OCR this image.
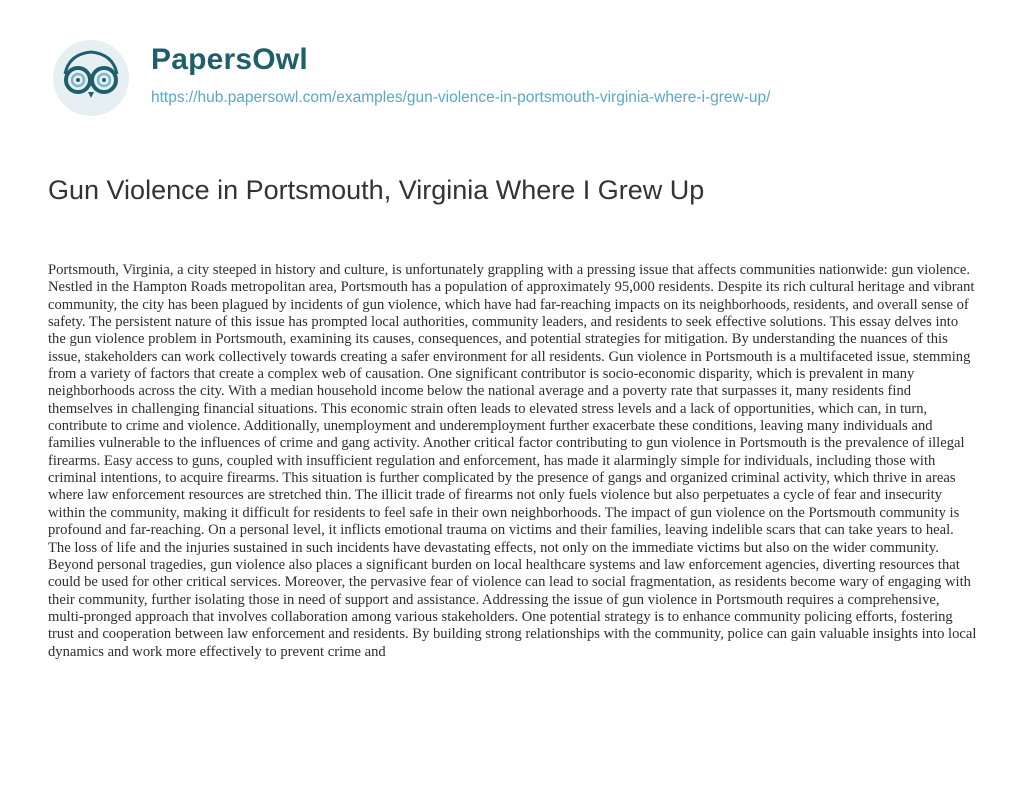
PapersOwl
https://hub.papersowl.com/examples/gun-violence-in-portsmouth-virginia-where-i-grew-up/
Gun Violence in Portsmouth, Virginia Where I Grew Up

Portsmouth, Virginia, a city steeped in history and culture, is unfortunately grappling with a pressing issue that affects communities nationwide: gun violence. Nestled in the Hampton Roads metropolitan area, Portsmouth has a population of approximately 95,000 residents. Despite its rich cultural heritage and vibrant community, the city has been plagued by incidents of gun violence, which have had far-reaching impacts on its neighborhoods, residents, and overall sense of safety. The persistent nature of this issue has prompted local authorities, community leaders, and residents to seek effective solutions. This essay delves into the gun violence problem in Portsmouth, examining its causes, consequences, and potential strategies for mitigation. By understanding the nuances of this issue, stakeholders can work collectively towards creating a safer environment for all residents. Gun violence in Portsmouth is a multifaceted issue, stemming from a variety of factors that create a complex web of causation. One significant contributor is socio-economic disparity, which is prevalent in many neighborhoods across the city. With a median household income below the national average and a poverty rate that surpasses it, many residents find themselves in challenging financial situations. This economic strain often leads to elevated stress levels and a lack of opportunities, which can, in turn, contribute to crime and violence. Additionally, unemployment and underemployment further exacerbate these conditions, leaving many individuals and families vulnerable to the influences of crime and gang activity. Another critical factor contributing to gun violence in Portsmouth is the prevalence of illegal firearms. Easy access to guns, coupled with insufficient regulation and enforcement, has made it alarmingly simple for individuals, including those with criminal intentions, to acquire firearms. This situation is further complicated by the presence of gangs and organized criminal activity, which thrive in areas where law enforcement resources are stretched thin. The illicit trade of firearms not only fuels violence but also perpetuates a cycle of fear and insecurity within the community, making it difficult for residents to feel safe in their own neighborhoods. The impact of gun violence on the Portsmouth community is profound and far-reaching. On a personal level, it inflicts emotional trauma on victims and their families, leaving indelible scars that can take years to heal. The loss of life and the injuries sustained in such incidents have devastating effects, not only on the immediate victims but also on the wider community. Beyond personal tragedies, gun violence also places a significant burden on local healthcare systems and law enforcement agencies, diverting resources that could be used for other critical services. Moreover, the pervasive fear of violence can lead to social fragmentation, as residents become wary of engaging with their community, further isolating those in need of support and assistance. Addressing the issue of gun violence in Portsmouth requires a comprehensive, multi-pronged approach that involves collaboration among various stakeholders. One potential strategy is to enhance community policing efforts, fostering trust and cooperation between law enforcement and residents. By building strong relationships with the community, police can gain valuable insights into local dynamics and work more effectively to prevent crime and
